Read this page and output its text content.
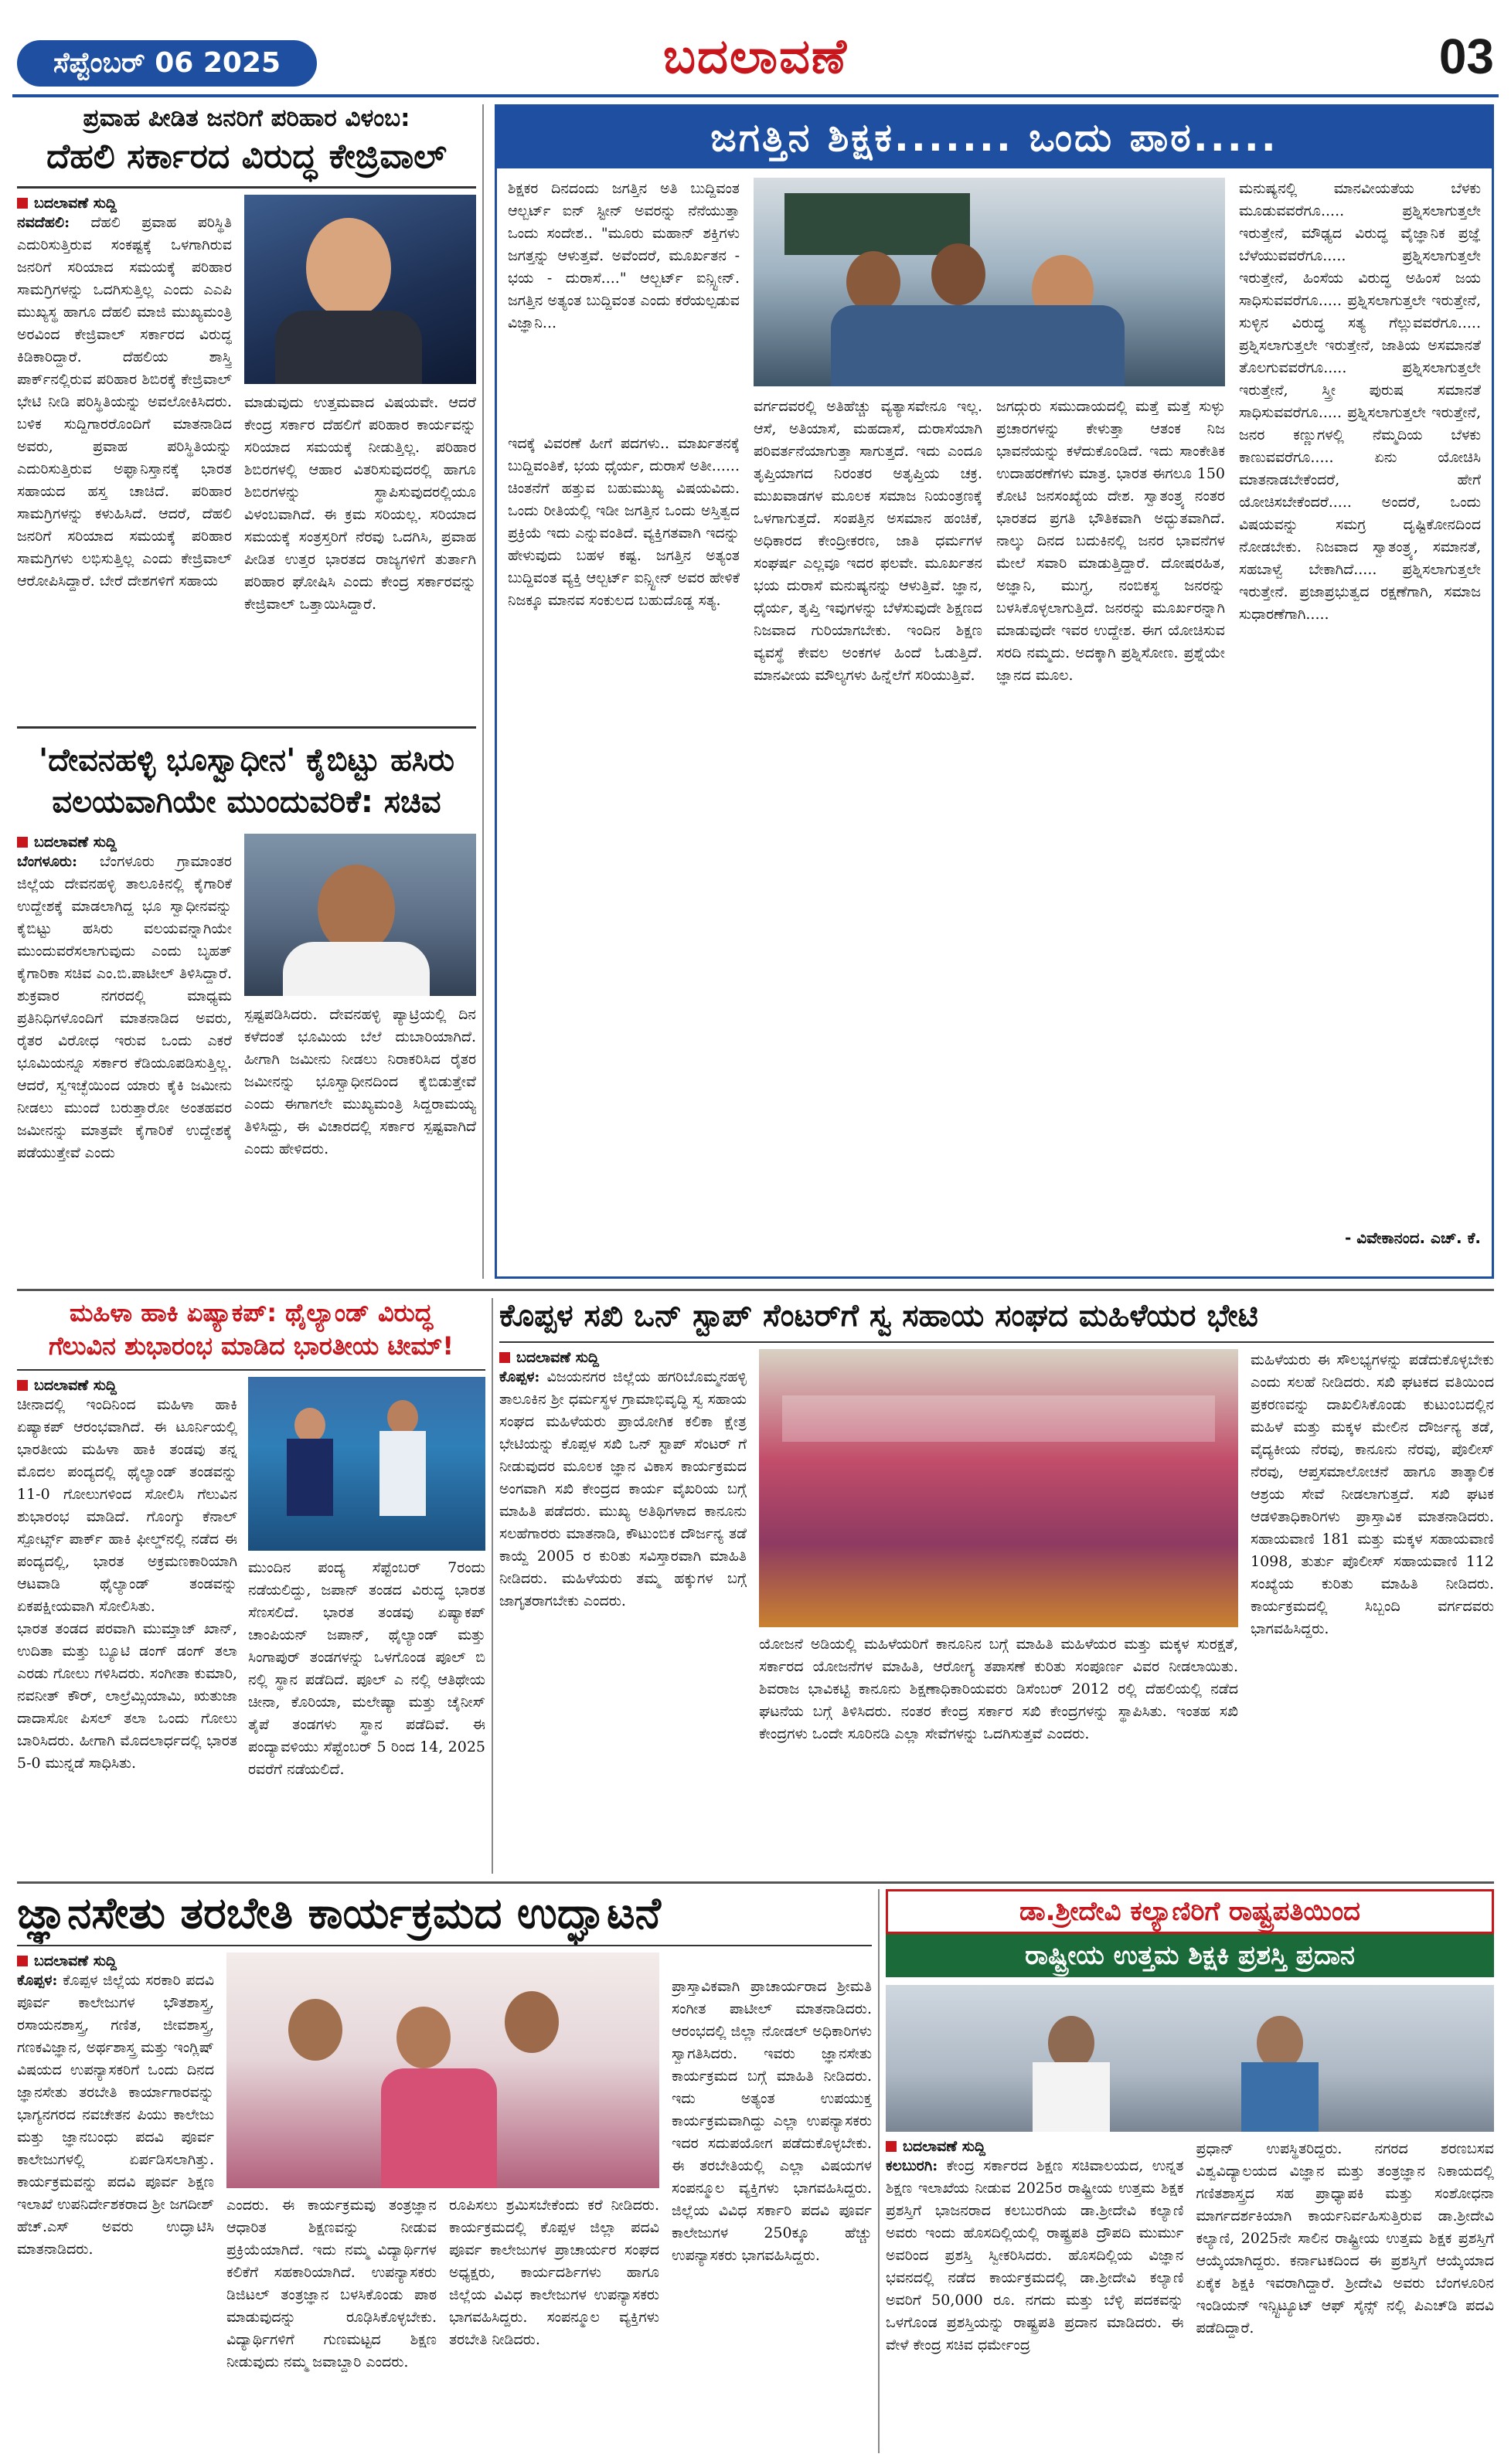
ಸೆಪ್ಟೆಂಬರ್ 06 2025	ಬದಲಾವಣೆ	03
ಪ್ರವಾಹ ಪೀಡಿತ ಜನರಿಗೆ ಪರಿಹಾರ ವಿಳಂಬ:
ದೆಹಲಿ ಸರ್ಕಾರದ ವಿರುದ್ಧ ಕೇಜ್ರಿವಾಲ್
ಬದಲಾವಣೆ ಸುದ್ದಿ
ನವದೆಹಲಿ: ದೆಹಲಿ ಪ್ರವಾಹ ಪರಿಸ್ಥಿತಿ ಎದುರಿಸುತ್ತಿರುವ ಸಂಕಷ್ಟಕ್ಕೆ ಒಳಗಾಗಿರುವ ಜನರಿಗೆ ಸರಿಯಾದ ಸಮಯಕ್ಕೆ ಪರಿಹಾರ ಸಾಮಗ್ರಿಗಳನ್ನು ಒದಗಿಸುತ್ತಿಲ್ಲ ಎಂದು ಎಎಪಿ ಮುಖ್ಯಸ್ಥ ಹಾಗೂ ದೆಹಲಿ ಮಾಜಿ ಮುಖ್ಯಮಂತ್ರಿ ಅರವಿಂದ ಕೇಜ್ರಿವಾಲ್ ಸರ್ಕಾರದ ವಿರುದ್ಧ ಕಿಡಿಕಾರಿದ್ದಾರೆ. ದೆಹಲಿಯ ಶಾಸ್ತ್ರಿ ಪಾರ್ಕ್‌ನಲ್ಲಿರುವ ಪರಿಹಾರ ಶಿಬಿರಕ್ಕೆ ಕೇಜ್ರಿವಾಲ್ ಭೇಟಿ ನೀಡಿ ಪರಿಸ್ಥಿತಿಯನ್ನು ಅವಲೋಕಿಸಿದರು. ಬಳಿಕ ಸುದ್ದಿಗಾರರೊಂದಿಗೆ ಮಾತನಾಡಿದ ಅವರು, ಪ್ರವಾಹ ಪರಿಸ್ಥಿತಿಯನ್ನು ಎದುರಿಸುತ್ತಿರುವ ಅಫ್ಘಾನಿಸ್ತಾನಕ್ಕೆ ಭಾರತ ಸಹಾಯದ ಹಸ್ತ ಚಾಚಿದೆ. ಪರಿಹಾರ ಸಾಮಗ್ರಿಗಳನ್ನು ಕಳುಹಿಸಿದೆ. ಆದರೆ, ದೆಹಲಿ ಜನರಿಗೆ ಸರಿಯಾದ ಸಮಯಕ್ಕೆ ಪರಿಹಾರ ಸಾಮಗ್ರಿಗಳು ಲಭಿಸುತ್ತಿಲ್ಲ ಎಂದು ಕೇಜ್ರಿವಾಲ್ ಆರೋಪಿಸಿದ್ದಾರೆ. ಬೇರೆ ದೇಶಗಳಿಗೆ ಸಹಾಯ
ಮಾಡುವುದು ಉತ್ತಮವಾದ ವಿಷಯವೇ. ಆದರೆ ಕೇಂದ್ರ ಸರ್ಕಾರ ದೆಹಲಿಗೆ ಪರಿಹಾರ ಕಾರ್ಯವನ್ನು ಸರಿಯಾದ ಸಮಯಕ್ಕೆ ನೀಡುತ್ತಿಲ್ಲ. ಪರಿಹಾರ ಶಿಬಿರಗಳಲ್ಲಿ ಆಹಾರ ವಿತರಿಸುವುದರಲ್ಲಿ ಹಾಗೂ ಶಿಬಿರಗಳನ್ನು ಸ್ಥಾಪಿಸುವುದರಲ್ಲಿಯೂ ವಿಳಂಬವಾಗಿದೆ. ಈ ಕ್ರಮ ಸರಿಯಲ್ಲ. ಸರಿಯಾದ ಸಮಯಕ್ಕೆ ಸಂತ್ರಸ್ತರಿಗೆ ನೆರವು ಒದಗಿಸಿ, ಪ್ರವಾಹ ಪೀಡಿತ ಉತ್ತರ ಭಾರತದ ರಾಜ್ಯಗಳಿಗೆ ತುರ್ತಾಗಿ ಪರಿಹಾರ ಘೋಷಿಸಿ ಎಂದು ಕೇಂದ್ರ ಸರ್ಕಾರವನ್ನು ಕೇಜ್ರಿವಾಲ್ ಒತ್ತಾಯಿಸಿದ್ದಾರೆ.
'ದೇವನಹಳ್ಳಿ ಭೂಸ್ವಾಧೀನ' ಕೈಬಿಟ್ಟು ಹಸಿರು ವಲಯವಾಗಿಯೇ ಮುಂದುವರಿಕೆ: ಸಚಿವ
ಬದಲಾವಣೆ ಸುದ್ದಿ
ಬೆಂಗಳೂರು: ಬೆಂಗಳೂರು ಗ್ರಾಮಾಂತರ ಜಿಲ್ಲೆಯ ದೇವನಹಳ್ಳಿ ತಾಲೂಕಿನಲ್ಲಿ ಕೈಗಾರಿಕೆ ಉದ್ದೇಶಕ್ಕೆ ಮಾಡಲಾಗಿದ್ದ ಭೂ ಸ್ವಾಧೀನವನ್ನು ಕೈಬಿಟ್ಟು ಹಸಿರು ವಲಯವನ್ನಾಗಿಯೇ ಮುಂದುವರೆಸಲಾಗುವುದು ಎಂದು ಬೃಹತ್ ಕೈಗಾರಿಕಾ ಸಚಿವ ಎಂ.ಬಿ.ಪಾಟೀಲ್ ತಿಳಿಸಿದ್ದಾರೆ. ಶುಕ್ರವಾರ ನಗರದಲ್ಲಿ ಮಾಧ್ಯಮ ಪ್ರತಿನಿಧಿಗಳೊಂದಿಗೆ ಮಾತನಾಡಿದ ಅವರು, ರೈತರ ವಿರೋಧ ಇರುವ ಒಂದು ಎಕರೆ ಭೂಮಿಯನ್ನೂ ಸರ್ಕಾರ ಕೆಡಿಯೂಪಡಿಸುತ್ತಿಲ್ಲ. ಆದರೆ, ಸ್ವಇಚ್ಛೆಯಿಂದ ಯಾರು ಕೈಕಿ ಜಮೀನು ನೀಡಲು ಮುಂದೆ ಬರುತ್ತಾರೋ ಅಂತಹವರ ಜಮೀನನ್ನು ಮಾತ್ರವೇ ಕೈಗಾರಿಕೆ ಉದ್ದೇಶಕ್ಕೆ ಪಡೆಯುತ್ತೇವೆ ಎಂದು
ಸ್ಪಷ್ಟಪಡಿಸಿದರು. ದೇವನಹಳ್ಳಿ ಪ್ಯಾಟ್ರಿಯಲ್ಲಿ ದಿನ ಕಳೆದಂತೆ ಭೂಮಿಯ ಬೆಲೆ ದುಬಾರಿಯಾಗಿದೆ. ಹೀಗಾಗಿ ಜಮೀನು ನೀಡಲು ನಿರಾಕರಿಸಿದ ರೈತರ ಜಮೀನನ್ನು ಭೂಸ್ವಾಧೀನದಿಂದ ಕೈಬಿಡುತ್ತೇವೆ ಎಂದು ಈಗಾಗಲೇ ಮುಖ್ಯಮಂತ್ರಿ ಸಿದ್ದರಾಮಯ್ಯ ತಿಳಿಸಿದ್ದು, ಈ ವಿಚಾರದಲ್ಲಿ ಸರ್ಕಾರ ಸ್ಪಷ್ಟವಾಗಿದೆ ಎಂದು ಹೇಳಿದರು.
ಜಗತ್ತಿನ ಶಿಕ್ಷಕ....... ಒಂದು ಪಾಠ.....
ಶಿಕ್ಷಕರ ದಿನದಂದು ಜಗತ್ತಿನ ಅತಿ ಬುದ್ದಿವಂತ ಆಲ್ಬರ್ಟ್ ಐನ್ ಸ್ಟೀನ್ ಅವರನ್ನು ನೆನೆಯುತ್ತಾ ಒಂದು ಸಂದೇಶ.. "ಮೂರು ಮಹಾನ್ ಶಕ್ತಿಗಳು ಜಗತ್ತನ್ನು ಆಳುತ್ತವೆ. ಅವೆಂದರೆ, ಮೂರ್ಖತನ - ಭಯ - ದುರಾಸೆ...." ಆಲ್ಬರ್ಟ್ ಐನ್ಸ್ಟೀನ್. ಜಗತ್ತಿನ ಅತ್ಯಂತ ಬುದ್ದಿವಂತ ಎಂದು ಕರೆಯಲ್ಪಡುವ ವಿಜ್ಞಾನಿ...
ಇದಕ್ಕೆ ವಿವರಣೆ ಹೀಗೆ ಪದಗಳು.. ಮಾರ್ಖತನಕ್ಕೆ ಬುದ್ದಿವಂತಿಕೆ, ಭಯ ಧೈರ್ಯ, ದುರಾಸೆ ಅತೀ...... ಚಿಂತನೆಗೆ ಹತ್ತುವ ಬಹುಮುಖ್ಯ ವಿಷಯವಿದು. ಒಂದು ರೀತಿಯಲ್ಲಿ ಇಡೀ ಜಗತ್ತಿನ ಒಂದು ಅಸ್ತಿತ್ವದ ಪ್ರಕ್ರಿಯೆ ಇದು ಎನ್ನುವಂತಿದೆ. ವ್ಯಕ್ತಿಗತವಾಗಿ ಇದನ್ನು ಹೇಳುವುದು ಬಹಳ ಕಷ್ಟ. ಜಗತ್ತಿನ ಅತ್ಯಂತ ಬುದ್ದಿವಂತ ವ್ಯಕ್ತಿ ಆಲ್ಬರ್ಟ್ ಐನ್ಸ್ಟೀನ್ ಅವರ ಹೇಳಿಕೆ ನಿಜಕ್ಕೂ ಮಾನವ ಸಂಕುಲದ ಬಹುದೊಡ್ಡ ಸತ್ಯ.
ವರ್ಗದವರಲ್ಲಿ ಅತಿಹೆಚ್ಚು ವ್ಯತ್ಯಾಸವೇನೂ ಇಲ್ಲ. ಆಸೆ, ಅತಿಯಾಸೆ, ಮಹದಾಸೆ, ದುರಾಸೆಯಾಗಿ ಪರಿವರ್ತನೆಯಾಗುತ್ತಾ ಸಾಗುತ್ತದೆ. ಇದು ಎಂದೂ ತೃಪ್ತಿಯಾಗದ ನಿರಂತರ ಅತೃಪ್ತಿಯ ಚಕ್ರ. ಮುಖವಾಡಗಳ ಮೂಲಕ ಸಮಾಜ ನಿಯಂತ್ರಣಕ್ಕೆ ಒಳಗಾಗುತ್ತದೆ. ಸಂಪತ್ತಿನ ಅಸಮಾನ ಹಂಚಿಕೆ, ಅಧಿಕಾರದ ಕೇಂದ್ರೀಕರಣ, ಜಾತಿ ಧರ್ಮಗಳ ಸಂಘರ್ಷ ಎಲ್ಲವೂ ಇದರ ಫಲವೇ. ಮೂರ್ಖತನ ಭಯ ದುರಾಸೆ ಮನುಷ್ಯನನ್ನು ಆಳುತ್ತಿವೆ. ಜ್ಞಾನ, ಧೈರ್ಯ, ತೃಪ್ತಿ ಇವುಗಳನ್ನು ಬೆಳೆಸುವುದೇ ಶಿಕ್ಷಣದ ನಿಜವಾದ ಗುರಿಯಾಗಬೇಕು. ಇಂದಿನ ಶಿಕ್ಷಣ ವ್ಯವಸ್ಥೆ ಕೇವಲ ಅಂಕಗಳ ಹಿಂದೆ ಓಡುತ್ತಿದೆ. ಮಾನವೀಯ ಮೌಲ್ಯಗಳು ಹಿನ್ನೆಲೆಗೆ ಸರಿಯುತ್ತಿವೆ.
ಜಗದ್ಗುರು ಸಮುದಾಯದಲ್ಲಿ ಮತ್ತೆ ಮತ್ತೆ ಸುಳ್ಳು ಪ್ರಚಾರಗಳನ್ನು ಕೇಳುತ್ತಾ ಆತಂಕ ನಿಜ ಭಾವನೆಯನ್ನು ಕಳೆದುಕೊಂಡಿದೆ. ಇದು ಸಾಂಕೇತಿಕ ಉದಾಹರಣೆಗಳು ಮಾತ್ರ. ಭಾರತ ಈಗಲೂ 150 ಕೋಟಿ ಜನಸಂಖ್ಯೆಯ ದೇಶ. ಸ್ವಾತಂತ್ರ್ಯ ನಂತರ ಭಾರತದ ಪ್ರಗತಿ ಭೌತಿಕವಾಗಿ ಅದ್ಭುತವಾಗಿದೆ. ನಾಲ್ಕು ದಿನದ ಬದುಕಿನಲ್ಲಿ ಜನರ ಭಾವನೆಗಳ ಮೇಲೆ ಸವಾರಿ ಮಾಡುತ್ತಿದ್ದಾರೆ. ದೋಷರಹಿತ, ಅಜ್ಞಾನಿ, ಮುಗ್ಧ, ನಂಬಿಕಸ್ಥ ಜನರನ್ನು ಬಳಸಿಕೊಳ್ಳಲಾಗುತ್ತಿದೆ. ಜನರನ್ನು ಮೂರ್ಖರನ್ನಾಗಿ ಮಾಡುವುದೇ ಇವರ ಉದ್ದೇಶ. ಈಗ ಯೋಚಿಸುವ ಸರದಿ ನಮ್ಮದು. ಅದಕ್ಕಾಗಿ ಪ್ರಶ್ನಿಸೋಣ. ಪ್ರಶ್ನೆಯೇ ಜ್ಞಾನದ ಮೂಲ.
ಮನುಷ್ಯನಲ್ಲಿ ಮಾನವೀಯತೆಯ ಬೆಳಕು ಮೂಡುವವರೆಗೂ..... ಪ್ರಶ್ನಿಸಲಾಗುತ್ತಲೇ ಇರುತ್ತೇನೆ, ಮೌಢ್ಯದ ವಿರುದ್ಧ ವೈಜ್ಞಾನಿಕ ಪ್ರಜ್ಞೆ ಬೆಳೆಯುವವರೆಗೂ..... ಪ್ರಶ್ನಿಸಲಾಗುತ್ತಲೇ ಇರುತ್ತೇನೆ, ಹಿಂಸೆಯ ವಿರುದ್ಧ ಅಹಿಂಸೆ ಜಯ ಸಾಧಿಸುವವರೆಗೂ..... ಪ್ರಶ್ನಿಸಲಾಗುತ್ತಲೇ ಇರುತ್ತೇನೆ, ಸುಳ್ಳಿನ ವಿರುದ್ಧ ಸತ್ಯ ಗೆಲ್ಲುವವರೆಗೂ..... ಪ್ರಶ್ನಿಸಲಾಗುತ್ತಲೇ ಇರುತ್ತೇನೆ, ಜಾತಿಯ ಅಸಮಾನತೆ ತೊಲಗುವವರೆಗೂ..... ಪ್ರಶ್ನಿಸಲಾಗುತ್ತಲೇ ಇರುತ್ತೇನೆ, ಸ್ತ್ರೀ ಪುರುಷ ಸಮಾನತೆ ಸಾಧಿಸುವವರೆಗೂ..... ಪ್ರಶ್ನಿಸಲಾಗುತ್ತಲೇ ಇರುತ್ತೇನೆ, ಜನರ ಕಣ್ಣುಗಳಲ್ಲಿ ನೆಮ್ಮದಿಯ ಬೆಳಕು ಕಾಣುವವರೆಗೂ..... ಏನು ಯೋಚಿಸಿ ಮಾತನಾಡಬೇಕೆಂದರೆ, ಹೇಗೆ ಯೋಚಿಸಬೇಕೆಂದರೆ..... ಅಂದರೆ, ಒಂದು ವಿಷಯವನ್ನು ಸಮಗ್ರ ದೃಷ್ಟಿಕೋನದಿಂದ ನೋಡಬೇಕು. ನಿಜವಾದ ಸ್ವಾತಂತ್ರ್ಯ, ಸಮಾನತೆ, ಸಹಬಾಳ್ವೆ ಬೇಕಾಗಿದೆ..... ಪ್ರಶ್ನಿಸಲಾಗುತ್ತಲೇ ಇರುತ್ತೇನೆ. ಪ್ರಜಾಪ್ರಭುತ್ವದ ರಕ್ಷಣೆಗಾಗಿ, ಸಮಾಜ ಸುಧಾರಣೆಗಾಗಿ.....
- ವಿವೇಕಾನಂದ. ಎಚ್. ಕೆ.
ಮಹಿಳಾ ಹಾಕಿ ಏಷ್ಯಾಕಪ್: ಥೈಲ್ಯಾಂಡ್ ವಿರುದ್ಧ
ಗೆಲುವಿನ ಶುಭಾರಂಭ ಮಾಡಿದ ಭಾರತೀಯ ಟೀಮ್!
ಬದಲಾವಣೆ ಸುದ್ದಿ
ಚೀನಾದಲ್ಲಿ ಇಂದಿನಿಂದ ಮಹಿಳಾ ಹಾಕಿ ಏಷ್ಯಾಕಪ್ ಆರಂಭವಾಗಿದೆ. ಈ ಟೂರ್ನಿಯಲ್ಲಿ ಭಾರತೀಯ ಮಹಿಳಾ ಹಾಕಿ ತಂಡವು ತನ್ನ ಮೊದಲ ಪಂದ್ಯದಲ್ಲಿ ಥೈಲ್ಯಾಂಡ್ ತಂಡವನ್ನು 11-0 ಗೋಲುಗಳಿಂದ ಸೋಲಿಸಿ ಗೆಲುವಿನ ಶುಭಾರಂಭ ಮಾಡಿದೆ. ಗೊಂಗ್ಶು ಕೆನಾಲ್ ಸ್ಪೋರ್ಟ್ಸ್ ಪಾರ್ಕ್ ಹಾಕಿ ಫೀಲ್ಡ್‌ನಲ್ಲಿ ನಡೆದ ಈ ಪಂದ್ಯದಲ್ಲಿ, ಭಾರತ ಅಕ್ರಮಣಕಾರಿಯಾಗಿ ಆಟವಾಡಿ ಥೈಲ್ಯಾಂಡ್ ತಂಡವನ್ನು ಏಕಪಕ್ಷೀಯವಾಗಿ ಸೋಲಿಸಿತು.
ಭಾರತ ತಂಡದ ಪರವಾಗಿ ಮುಮ್ತಾಜ್ ಖಾನ್, ಉದಿತಾ ಮತ್ತು ಬ್ಯೂಟಿ ಡಂಗ್ ಡಂಗ್ ತಲಾ ಎರಡು ಗೋಲು ಗಳಿಸಿದರು. ಸಂಗೀತಾ ಕುಮಾರಿ, ನವನೀತ್ ಕೌರ್, ಲಾಲ್ರೆಮ್ಸಿಯಾಮಿ, ಋತುಜಾ ದಾದಾಸೋ ಪಿಸಲ್ ತಲಾ ಒಂದು ಗೋಲು ಬಾರಿಸಿದರು. ಹೀಗಾಗಿ ಮೊದಲಾರ್ಧದಲ್ಲಿ ಭಾರತ 5-0 ಮುನ್ನಡೆ ಸಾಧಿಸಿತು.
ಮುಂದಿನ ಪಂದ್ಯ ಸೆಪ್ಟೆಂಬರ್ 7ರಂದು ನಡೆಯಲಿದ್ದು, ಜಪಾನ್ ತಂಡದ ವಿರುದ್ಧ ಭಾರತ ಸೆಣಸಲಿದೆ. ಭಾರತ ತಂಡವು ಏಷ್ಯಾಕಪ್ ಚಾಂಪಿಯನ್ ಜಪಾನ್, ಥೈಲ್ಯಾಂಡ್ ಮತ್ತು ಸಿಂಗಾಪುರ್ ತಂಡಗಳನ್ನು ಒಳಗೊಂಡ ಪೂಲ್ ಬಿ ನಲ್ಲಿ ಸ್ಥಾನ ಪಡೆದಿದೆ. ಪೂಲ್ ಎ ನಲ್ಲಿ ಆತಿಥೇಯ ಚೀನಾ, ಕೊರಿಯಾ, ಮಲೇಷ್ಯಾ ಮತ್ತು ಚೈನೀಸ್ ತೈಪೆ ತಂಡಗಳು ಸ್ಥಾನ ಪಡೆದಿವೆ. ಈ ಪಂದ್ಯಾವಳಿಯು ಸೆಪ್ಟೆಂಬರ್ 5 ರಿಂದ 14, 2025 ರವರೆಗೆ ನಡೆಯಲಿದೆ.
ಕೊಪ್ಪಳ ಸಖಿ ಒನ್ ಸ್ಟಾಪ್ ಸೆಂಟರ್‌ಗೆ ಸ್ವ ಸಹಾಯ ಸಂಘದ ಮಹಿಳೆಯರ ಭೇಟಿ
ಬದಲಾವಣೆ ಸುದ್ದಿ
ಕೊಪ್ಪಳ: ವಿಜಯನಗರ ಜಿಲ್ಲೆಯ ಹಗರಿಬೊಮ್ಮನಹಳ್ಳಿ ತಾಲೂಕಿನ ಶ್ರೀ ಧರ್ಮಸ್ಥಳ ಗ್ರಾಮಾಭಿವೃದ್ಧಿ ಸ್ವ ಸಹಾಯ ಸಂಘದ ಮಹಿಳೆಯರು ಪ್ರಾಯೋಗಿಕ ಕಲಿಕಾ ಕ್ಷೇತ್ರ ಭೇಟಿಯನ್ನು ಕೊಪ್ಪಳ ಸಖಿ ಒನ್ ಸ್ಟಾಪ್ ಸೆಂಟರ್ ಗೆ ನೀಡುವುದರ ಮೂಲಕ ಜ್ಞಾನ ವಿಕಾಸ ಕಾರ್ಯಕ್ರಮದ ಅಂಗವಾಗಿ ಸಖಿ ಕೇಂದ್ರದ ಕಾರ್ಯ ವೈಖರಿಯ ಬಗ್ಗೆ ಮಾಹಿತಿ ಪಡೆದರು. ಮುಖ್ಯ ಅತಿಥಿಗಳಾದ ಕಾನೂನು ಸಲಹೆಗಾರರು ಮಾತನಾಡಿ, ಕೌಟುಂಬಿಕ ದೌರ್ಜನ್ಯ ತಡೆ ಕಾಯ್ದೆ 2005 ರ ಕುರಿತು ಸವಿಸ್ತಾರವಾಗಿ ಮಾಹಿತಿ ನೀಡಿದರು. ಮಹಿಳೆಯರು ತಮ್ಮ ಹಕ್ಕುಗಳ ಬಗ್ಗೆ ಜಾಗೃತರಾಗಬೇಕು ಎಂದರು.
ಯೋಜನೆ ಅಡಿಯಲ್ಲಿ ಮಹಿಳೆಯರಿಗೆ ಕಾನೂನಿನ ಬಗ್ಗೆ ಮಾಹಿತಿ ಮಹಿಳೆಯರ ಮತ್ತು ಮಕ್ಕಳ ಸುರಕ್ಷತೆ, ಸರ್ಕಾರದ ಯೋಜನೆಗಳ ಮಾಹಿತಿ, ಆರೋಗ್ಯ ತಪಾಸಣೆ ಕುರಿತು ಸಂಪೂರ್ಣ ವಿವರ ನೀಡಲಾಯಿತು. ಶಿವರಾಜ ಭಾವಿಕಟ್ಟಿ ಕಾನೂನು ಶಿಕ್ಷಣಾಧಿಕಾರಿಯವರು ಡಿಸೆಂಬರ್ 2012 ರಲ್ಲಿ ದೆಹಲಿಯಲ್ಲಿ ನಡೆದ ಘಟನೆಯ ಬಗ್ಗೆ ತಿಳಿಸಿದರು. ನಂತರ ಕೇಂದ್ರ ಸರ್ಕಾರ ಸಖಿ ಕೇಂದ್ರಗಳನ್ನು ಸ್ಥಾಪಿಸಿತು. ಇಂತಹ ಸಖಿ ಕೇಂದ್ರಗಳು ಒಂದೇ ಸೂರಿನಡಿ ಎಲ್ಲಾ ಸೇವೆಗಳನ್ನು ಒದಗಿಸುತ್ತವೆ ಎಂದರು.
ಮಹಿಳೆಯರು ಈ ಸೌಲಭ್ಯಗಳನ್ನು ಪಡೆದುಕೊಳ್ಳಬೇಕು ಎಂದು ಸಲಹೆ ನೀಡಿದರು. ಸಖಿ ಘಟಕದ ವತಿಯಿಂದ ಪ್ರಕರಣವನ್ನು ದಾಖಲಿಸಿಕೊಂಡು ಕುಟುಂಬದಲ್ಲಿನ ಮಹಿಳೆ ಮತ್ತು ಮಕ್ಕಳ ಮೇಲಿನ ದೌರ್ಜನ್ಯ ತಡೆ, ವೈದ್ಯಕೀಯ ನೆರವು, ಕಾನೂನು ನೆರವು, ಪೊಲೀಸ್ ನೆರವು, ಆಪ್ತಸಮಾಲೋಚನೆ ಹಾಗೂ ತಾತ್ಕಾಲಿಕ ಆಶ್ರಯ ಸೇವೆ ನೀಡಲಾಗುತ್ತದೆ. ಸಖಿ ಘಟಕ ಆಡಳಿತಾಧಿಕಾರಿಗಳು ಪ್ರಾಸ್ತಾವಿಕ ಮಾತನಾಡಿದರು. ಸಹಾಯವಾಣಿ 181 ಮತ್ತು ಮಕ್ಕಳ ಸಹಾಯವಾಣಿ 1098, ತುರ್ತು ಪೊಲೀಸ್ ಸಹಾಯವಾಣಿ 112 ಸಂಖ್ಯೆಯ ಕುರಿತು ಮಾಹಿತಿ ನೀಡಿದರು. ಕಾರ್ಯಕ್ರಮದಲ್ಲಿ ಸಿಬ್ಬಂದಿ ವರ್ಗದವರು ಭಾಗವಹಿಸಿದ್ದರು.
ಜ್ಞಾನಸೇತು ತರಬೇತಿ ಕಾರ್ಯಕ್ರಮದ ಉದ್ಘಾಟನೆ
ಬದಲಾವಣೆ ಸುದ್ದಿ
ಕೊಪ್ಪಳ: ಕೊಪ್ಪಳ ಜಿಲ್ಲೆಯ ಸರಕಾರಿ ಪದವಿ ಪೂರ್ವ ಕಾಲೇಜುಗಳ ಭೌತಶಾಸ್ತ್ರ, ರಸಾಯನಶಾಸ್ತ್ರ, ಗಣಿತ, ಜೀವಶಾಸ್ತ್ರ, ಗಣಕವಿಜ್ಞಾನ, ಅರ್ಥಶಾಸ್ತ್ರ ಮತ್ತು ಇಂಗ್ಲಿಷ್ ವಿಷಯದ ಉಪನ್ಯಾಸಕರಿಗೆ ಒಂದು ದಿನದ ಜ್ಞಾನಸೇತು ತರಬೇತಿ ಕಾರ್ಯಾಗಾರವನ್ನು ಭಾಗ್ಯನಗರದ ನವಚೇತನ ಪಿಯು ಕಾಲೇಜು ಮತ್ತು ಜ್ಞಾನಬಂಧು ಪದವಿ ಪೂರ್ವ ಕಾಲೇಜುಗಳಲ್ಲಿ ಏರ್ಪಡಿಸಲಾಗಿತ್ತು. ಕಾರ್ಯಕ್ರಮವನ್ನು ಪದವಿ ಪೂರ್ವ ಶಿಕ್ಷಣ ಇಲಾಖೆ ಉಪನಿರ್ದೇಶಕರಾದ ಶ್ರೀ ಜಗದೀಶ್ ಹೆಚ್.ಎಸ್ ಅವರು ಉದ್ಘಾಟಿಸಿ ಮಾತನಾಡಿದರು.
ಎಂದರು. ಈ ಕಾರ್ಯಕ್ರಮವು ತಂತ್ರಜ್ಞಾನ ಆಧಾರಿತ ಶಿಕ್ಷಣವನ್ನು ನೀಡುವ ಪ್ರಕ್ರಿಯೆಯಾಗಿದೆ. ಇದು ನಮ್ಮ ವಿದ್ಯಾರ್ಥಿಗಳ ಕಲಿಕೆಗೆ ಸಹಕಾರಿಯಾಗಿದೆ. ಉಪನ್ಯಾಸಕರು ಡಿಜಿಟಲ್ ತಂತ್ರಜ್ಞಾನ ಬಳಸಿಕೊಂಡು ಪಾಠ ಮಾಡುವುದನ್ನು ರೂಢಿಸಿಕೊಳ್ಳಬೇಕು. ವಿದ್ಯಾರ್ಥಿಗಳಿಗೆ ಗುಣಮಟ್ಟದ ಶಿಕ್ಷಣ ನೀಡುವುದು ನಮ್ಮ ಜವಾಬ್ದಾರಿ ಎಂದರು.
ರೂಪಿಸಲು ಶ್ರಮಿಸಬೇಕೆಂದು ಕರೆ ನೀಡಿದರು. ಕಾರ್ಯಕ್ರಮದಲ್ಲಿ ಕೊಪ್ಪಳ ಜಿಲ್ಲಾ ಪದವಿ ಪೂರ್ವ ಕಾಲೇಜುಗಳ ಪ್ರಾಚಾರ್ಯರ ಸಂಘದ ಅಧ್ಯಕ್ಷರು, ಕಾರ್ಯದರ್ಶಿಗಳು ಹಾಗೂ ಜಿಲ್ಲೆಯ ವಿವಿಧ ಕಾಲೇಜುಗಳ ಉಪನ್ಯಾಸಕರು ಭಾಗವಹಿಸಿದ್ದರು. ಸಂಪನ್ಮೂಲ ವ್ಯಕ್ತಿಗಳು ತರಬೇತಿ ನೀಡಿದರು.
ಪ್ರಾಸ್ತಾವಿಕವಾಗಿ ಪ್ರಾಚಾರ್ಯರಾದ ಶ್ರೀಮತಿ ಸಂಗೀತ ಪಾಟೀಲ್ ಮಾತನಾಡಿದರು. ಆರಂಭದಲ್ಲಿ ಜಿಲ್ಲಾ ನೋಡಲ್ ಅಧಿಕಾರಿಗಳು ಸ್ವಾಗತಿಸಿದರು. ಇವರು ಜ್ಞಾನಸೇತು ಕಾರ್ಯಕ್ರಮದ ಬಗ್ಗೆ ಮಾಹಿತಿ ನೀಡಿದರು. ಇದು ಅತ್ಯಂತ ಉಪಯುಕ್ತ ಕಾರ್ಯಕ್ರಮವಾಗಿದ್ದು ಎಲ್ಲಾ ಉಪನ್ಯಾಸಕರು ಇದರ ಸದುಪಯೋಗ ಪಡೆದುಕೊಳ್ಳಬೇಕು. ಈ ತರಬೇತಿಯಲ್ಲಿ ಎಲ್ಲಾ ವಿಷಯಗಳ ಸಂಪನ್ಮೂಲ ವ್ಯಕ್ತಿಗಳು ಭಾಗವಹಿಸಿದ್ದರು. ಜಿಲ್ಲೆಯ ವಿವಿಧ ಸರ್ಕಾರಿ ಪದವಿ ಪೂರ್ವ ಕಾಲೇಜುಗಳ 250ಕ್ಕೂ ಹೆಚ್ಚು ಉಪನ್ಯಾಸಕರು ಭಾಗವಹಿಸಿದ್ದರು.
ಡಾ.ಶ್ರೀದೇವಿ ಕಲ್ಯಾಣಿರಿಗೆ ರಾಷ್ಟ್ರಪತಿಯಿಂದ
ರಾಷ್ಟ್ರೀಯ ಉತ್ತಮ ಶಿಕ್ಷಕಿ ಪ್ರಶಸ್ತಿ ಪ್ರದಾನ
ಬದಲಾವಣೆ ಸುದ್ದಿ
ಕಲಬುರಗಿ: ಕೇಂದ್ರ ಸರ್ಕಾರದ ಶಿಕ್ಷಣ ಸಚಿವಾಲಯದ, ಉನ್ನತ ಶಿಕ್ಷಣ ಇಲಾಖೆಯ ನೀಡುವ 2025ರ ರಾಷ್ಟ್ರೀಯ ಉತ್ತಮ ಶಿಕ್ಷಕ ಪ್ರಶಸ್ತಿಗೆ ಭಾಜನರಾದ ಕಲಬುರಗಿಯ ಡಾ.ಶ್ರೀದೇವಿ ಕಲ್ಯಾಣಿ ಅವರು ಇಂದು ಹೊಸದಿಲ್ಲಿಯಲ್ಲಿ ರಾಷ್ಟ್ರಪತಿ ದ್ರೌಪದಿ ಮುರ್ಮು ಅವರಿಂದ ಪ್ರಶಸ್ತಿ ಸ್ವೀಕರಿಸಿದರು. ಹೊಸದಿಲ್ಲಿಯ ವಿಜ್ಞಾನ ಭವನದಲ್ಲಿ ನಡೆದ ಕಾರ್ಯಕ್ರಮದಲ್ಲಿ ಡಾ.ಶ್ರೀದೇವಿ ಕಲ್ಯಾಣಿ ಅವರಿಗೆ 50,000 ರೂ. ನಗದು ಮತ್ತು ಬೆಳ್ಳಿ ಪದಕವನ್ನು ಒಳಗೊಂಡ ಪ್ರಶಸ್ತಿಯನ್ನು ರಾಷ್ಟ್ರಪತಿ ಪ್ರದಾನ ಮಾಡಿದರು. ಈ ವೇಳೆ ಕೇಂದ್ರ ಸಚಿವ ಧರ್ಮೇಂದ್ರ
ಪ್ರಧಾನ್ ಉಪಸ್ಥಿತರಿದ್ದರು. ನಗರದ ಶರಣಬಸವ ವಿಶ್ವವಿದ್ಯಾಲಯದ ವಿಜ್ಞಾನ ಮತ್ತು ತಂತ್ರಜ್ಞಾನ ನಿಕಾಯದಲ್ಲಿ ಗಣಿತಶಾಸ್ತ್ರದ ಸಹ ಪ್ರಾಧ್ಯಾಪಕಿ ಮತ್ತು ಸಂಶೋಧನಾ ಮಾರ್ಗದರ್ಶಕಿಯಾಗಿ ಕಾರ್ಯನಿರ್ವಹಿಸುತ್ತಿರುವ ಡಾ.ಶ್ರೀದೇವಿ ಕಲ್ಯಾಣಿ, 2025ನೇ ಸಾಲಿನ ರಾಷ್ಟ್ರೀಯ ಉತ್ತಮ ಶಿಕ್ಷಕ ಪ್ರಶಸ್ತಿಗೆ ಆಯ್ಕೆಯಾಗಿದ್ದರು. ಕರ್ನಾಟಕದಿಂದ ಈ ಪ್ರಶಸ್ತಿಗೆ ಆಯ್ಕೆಯಾದ ಏಕೈಕ ಶಿಕ್ಷಕಿ ಇವರಾಗಿದ್ದಾರೆ. ಶ್ರೀದೇವಿ ಅವರು ಬೆಂಗಳೂರಿನ ಇಂಡಿಯನ್ ಇನ್ಸ್ಟಿಟ್ಯೂಟ್ ಆಫ್ ಸೈನ್ಸ್ ನಲ್ಲಿ ಪಿಎಚ್‌ಡಿ ಪದವಿ ಪಡೆದಿದ್ದಾರೆ.
